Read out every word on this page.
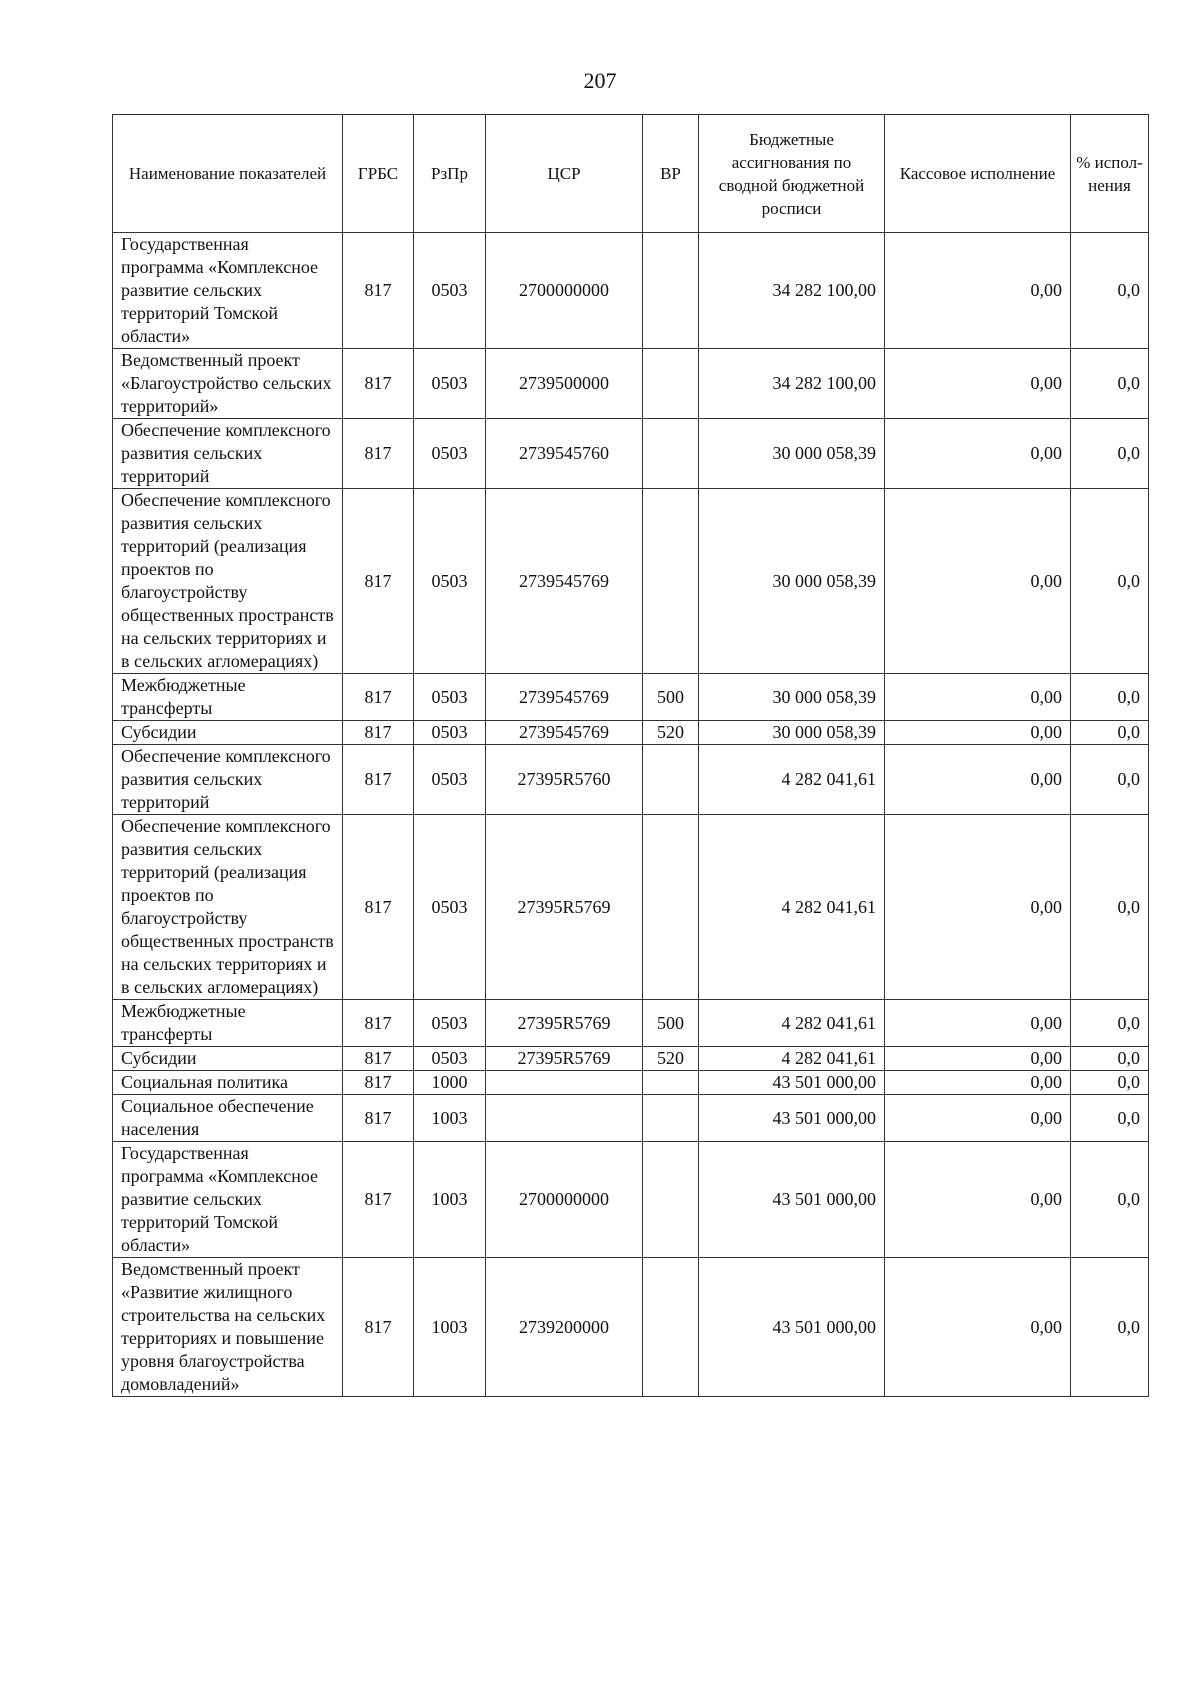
207
Наименование показателей	ГРБС	РзПр	ЦСР	ВР	Бюджетные ассигнования по сводной бюджетной росписи	Кассовое исполнение	% испол-нения
Государственная программа «Комплексное развитие сельских территорий Томской области»	817	0503	2700000000		34 282 100,00	0,00	0,0
Ведомственный проект «Благоустройство сельских территорий»	817	0503	2739500000		34 282 100,00	0,00	0,0
Обеспечение комплексного развития сельских территорий	817	0503	2739545760		30 000 058,39	0,00	0,0
Обеспечение комплексного развития сельских территорий (реализация проектов по благоустройству общественных пространств на сельских территориях и в сельских агломерациях)	817	0503	2739545769		30 000 058,39	0,00	0,0
Межбюджетные трансферты	817	0503	2739545769	500	30 000 058,39	0,00	0,0
Субсидии	817	0503	2739545769	520	30 000 058,39	0,00	0,0
Обеспечение комплексного развития сельских территорий	817	0503	27395R5760		4 282 041,61	0,00	0,0
Обеспечение комплексного развития сельских территорий (реализация проектов по благоустройству общественных пространств на сельских территориях и в сельских агломерациях)	817	0503	27395R5769		4 282 041,61	0,00	0,0
Межбюджетные трансферты	817	0503	27395R5769	500	4 282 041,61	0,00	0,0
Субсидии	817	0503	27395R5769	520	4 282 041,61	0,00	0,0
Социальная политика	817	1000			43 501 000,00	0,00	0,0
Социальное обеспечение населения	817	1003			43 501 000,00	0,00	0,0
Государственная программа «Комплексное развитие сельских территорий Томской области»	817	1003	2700000000		43 501 000,00	0,00	0,0
Ведомственный проект «Развитие жилищного строительства на сельских территориях и повышение уровня благоустройства домовладений»	817	1003	2739200000		43 501 000,00	0,00	0,0
